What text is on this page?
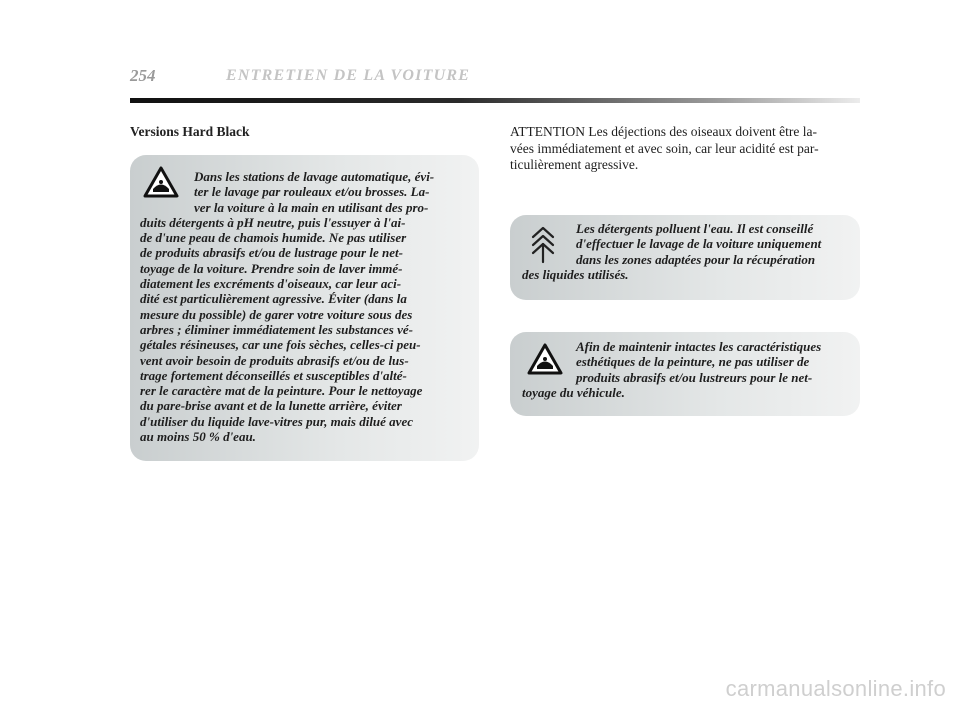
254	ENTRETIEN DE LA VOITURE
Versions Hard Black

Dans les stations de lavage automatique, évi-
ter le lavage par rouleaux et/ou brosses. La-
ver la voiture à la main en utilisant des pro-
duits détergents à pH neutre, puis l'essuyer à l'ai-
de d'une peau de chamois humide. Ne pas utiliser
de produits abrasifs et/ou de lustrage pour le net-
toyage de la voiture. Prendre soin de laver immé-
diatement les excréments d'oiseaux, car leur aci-
dité est particulièrement agressive. Éviter (dans la
mesure du possible) de garer votre voiture sous des
arbres ; éliminer immédiatement les substances vé-
gétales résineuses, car une fois sèches, celles-ci peu-
vent avoir besoin de produits abrasifs et/ou de lus-
trage fortement déconseillés et susceptibles d'alté-
rer le caractère mat de la peinture. Pour le nettoyage
du pare-brise avant et de la lunette arrière, éviter
d'utiliser du liquide lave-vitres pur, mais dilué avec
au moins 50 % d'eau.

ATTENTION Les déjections des oiseaux doivent être la-
vées immédiatement et avec soin, car leur acidité est par-
ticulièrement agressive.

Les détergents polluent l'eau. Il est conseillé
d'effectuer le lavage de la voiture uniquement
dans les zones adaptées pour la récupération
des liquides utilisés.

Afin de maintenir intactes les caractéristiques
esthétiques de la peinture, ne pas utiliser de
produits abrasifs et/ou lustreurs pour le net-
toyage du véhicule.

carmanualsonline.info
